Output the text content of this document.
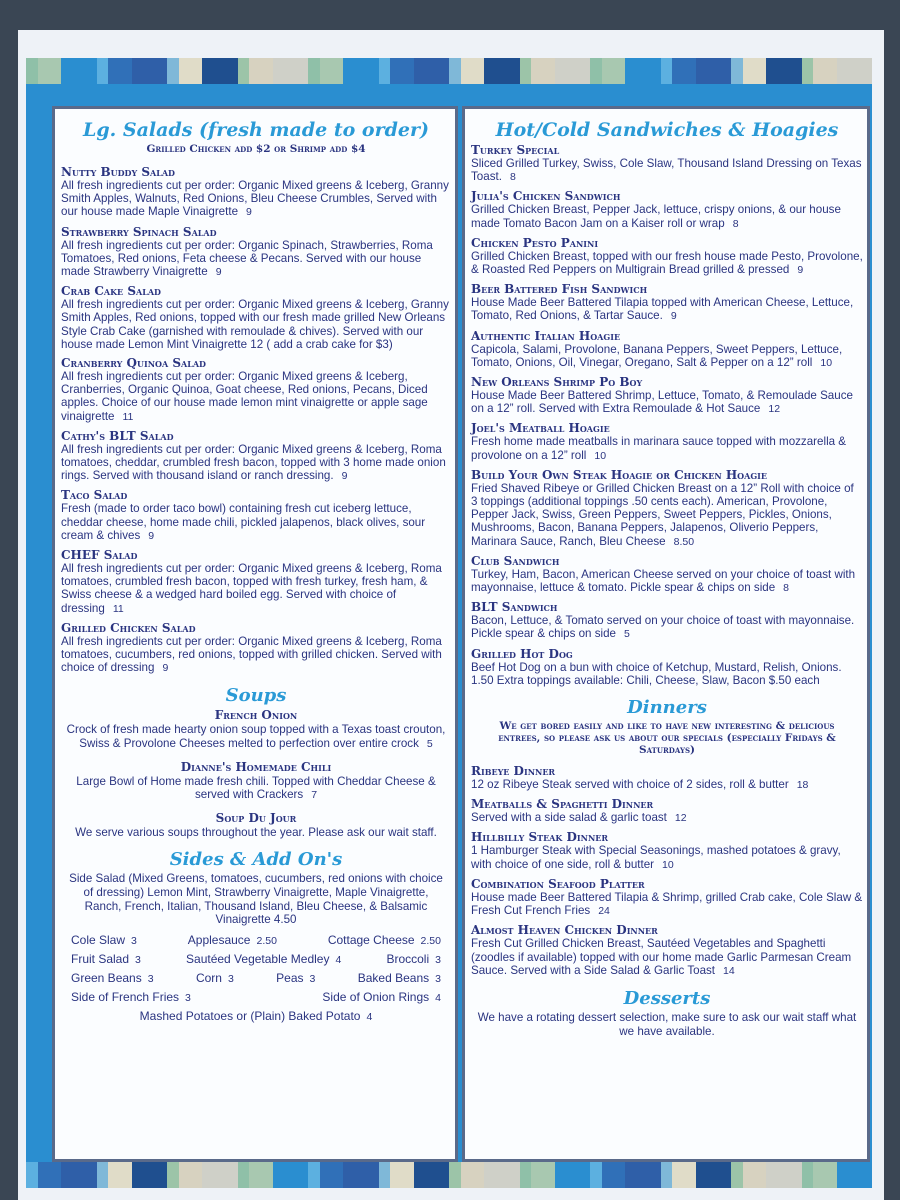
Lg. Salads (fresh made to order)
Grilled Chicken add $2 or Shrimp add $4
Nutty Buddy Salad
All fresh ingredients cut per order: Organic Mixed greens & Iceberg, Granny Smith Apples, Walnuts, Red Onions, Bleu Cheese Crumbles, Served with our house made Maple Vinaigrette 9
Strawberry Spinach Salad
All fresh ingredients cut per order: Organic Spinach, Strawberries, Roma Tomatoes, Red onions, Feta cheese & Pecans. Served with our house made Strawberry Vinaigrette 9
Crab Cake Salad
All fresh ingredients cut per order: Organic Mixed greens & Iceberg, Granny Smith Apples, Red onions, topped with our fresh made grilled New Orleans Style Crab Cake (garnished with remoulade & chives). Served with our house made Lemon Mint Vinaigrette 12 ( add a crab cake for $3)
Cranberry Quinoa Salad
All fresh ingredients cut per order: Organic Mixed greens & Iceberg, Cranberries, Organic Quinoa, Goat cheese, Red onions, Pecans, Diced apples. Choice of our house made lemon mint vinaigrette or apple sage vinaigrette 11
Cathy's BLT Salad
All fresh ingredients cut per order: Organic Mixed greens & Iceberg, Roma tomatoes, cheddar, crumbled fresh bacon, topped with 3 home made onion rings. Served with thousand island or ranch dressing. 9
Taco Salad
Fresh (made to order taco bowl) containing fresh cut iceberg lettuce, cheddar cheese, home made chili, pickled jalapenos, black olives, sour cream & chives 9
CHEF Salad
All fresh ingredients cut per order: Organic Mixed greens & Iceberg, Roma tomatoes, crumbled fresh bacon, topped with fresh turkey, fresh ham, & Swiss cheese & a wedged hard boiled egg. Served with choice of dressing 11
Grilled Chicken Salad
All fresh ingredients cut per order: Organic Mixed greens & Iceberg, Roma tomatoes, cucumbers, red onions, topped with grilled chicken. Served with choice of dressing 9
Soups
French Onion
Crock of fresh made hearty onion soup topped with a Texas toast crouton, Swiss & Provolone Cheeses melted to perfection over entire crock 5
Dianne's Homemade Chili
Large Bowl of Home made fresh chili. Topped with Cheddar Cheese & served with Crackers 7
Soup Du Jour
We serve various soups throughout the year. Please ask our wait staff.
Sides & Add On's
Side Salad (Mixed Greens, tomatoes, cucumbers, red onions with choice of dressing) Lemon Mint, Strawberry Vinaigrette, Maple Vinaigrette, Ranch, French, Italian, Thousand Island, Bleu Cheese, & Balsamic Vinaigrette 4.50
Cole Slaw 3	Applesauce 2.50	Cottage Cheese 2.50
Fruit Salad 3	Sautéed Vegetable Medley 4	Broccoli 3
Green Beans 3	Corn 3	Peas 3	Baked Beans 3
Side of French Fries 3	Side of Onion Rings 4
Mashed Potatoes or (Plain) Baked Potato 4
Hot/Cold Sandwiches & Hoagies
Turkey Special
Sliced Grilled Turkey, Swiss, Cole Slaw, Thousand Island Dressing on Texas Toast. 8
Julia's Chicken Sandwich
Grilled Chicken Breast, Pepper Jack, lettuce, crispy onions, & our house made Tomato Bacon Jam on a Kaiser roll or wrap 8
Chicken Pesto Panini
Grilled Chicken Breast, topped with our fresh house made Pesto, Provolone, & Roasted Red Peppers on Multigrain Bread grilled & pressed 9
Beer Battered Fish Sandwich
House Made Beer Battered Tilapia topped with American Cheese, Lettuce, Tomato, Red Onions, & Tartar Sauce. 9
Authentic Italian Hoagie
Capicola, Salami, Provolone, Banana Peppers, Sweet Peppers, Lettuce, Tomato, Onions, Oil, Vinegar, Oregano, Salt & Pepper on a 12” roll 10
New Orleans Shrimp Po Boy
House Made Beer Battered Shrimp, Lettuce, Tomato, & Remoulade Sauce on a 12” roll. Served with Extra Remoulade & Hot Sauce 12
Joel's Meatball Hoagie
Fresh home made meatballs in marinara sauce topped with mozzarella & provolone on a 12” roll 10
Build Your Own Steak Hoagie or Chicken Hoagie
Fried Shaved Ribeye or Grilled Chicken Breast on a 12” Roll with choice of 3 toppings (additional toppings .50 cents each). American, Provolone, Pepper Jack, Swiss, Green Peppers, Sweet Peppers, Pickles, Onions, Mushrooms, Bacon, Banana Peppers, Jalapenos, Oliverio Peppers, Marinara Sauce, Ranch, Bleu Cheese 8.50
Club Sandwich
Turkey, Ham, Bacon, American Cheese served on your choice of toast with mayonnaise, lettuce & tomato. Pickle spear & chips on side 8
BLT Sandwich
Bacon, Lettuce, & Tomato served on your choice of toast with mayonnaise. Pickle spear & chips on side 5
Grilled Hot Dog
Beef Hot Dog on a bun with choice of Ketchup, Mustard, Relish, Onions. 1.50 Extra toppings available: Chili, Cheese, Slaw, Bacon $.50 each
Dinners
We get bored easily and like to have new interesting & delicious entrees, so please ask us about our specials (especially Fridays & Saturdays)
Ribeye Dinner
12 oz Ribeye Steak served with choice of 2 sides, roll & butter 18
Meatballs & Spaghetti Dinner
Served with a side salad & garlic toast 12
Hillbilly Steak Dinner
1 Hamburger Steak with Special Seasonings, mashed potatoes & gravy, with choice of one side, roll & butter 10
Combination Seafood Platter
House made Beer Battered Tilapia & Shrimp, grilled Crab cake, Cole Slaw & Fresh Cut French Fries 24
Almost Heaven Chicken Dinner
Fresh Cut Grilled Chicken Breast, Sautéed Vegetables and Spaghetti (zoodles if available) topped with our home made Garlic Parmesan Cream Sauce. Served with a Side Salad & Garlic Toast 14
Desserts
We have a rotating dessert selection, make sure to ask our wait staff what we have available.
